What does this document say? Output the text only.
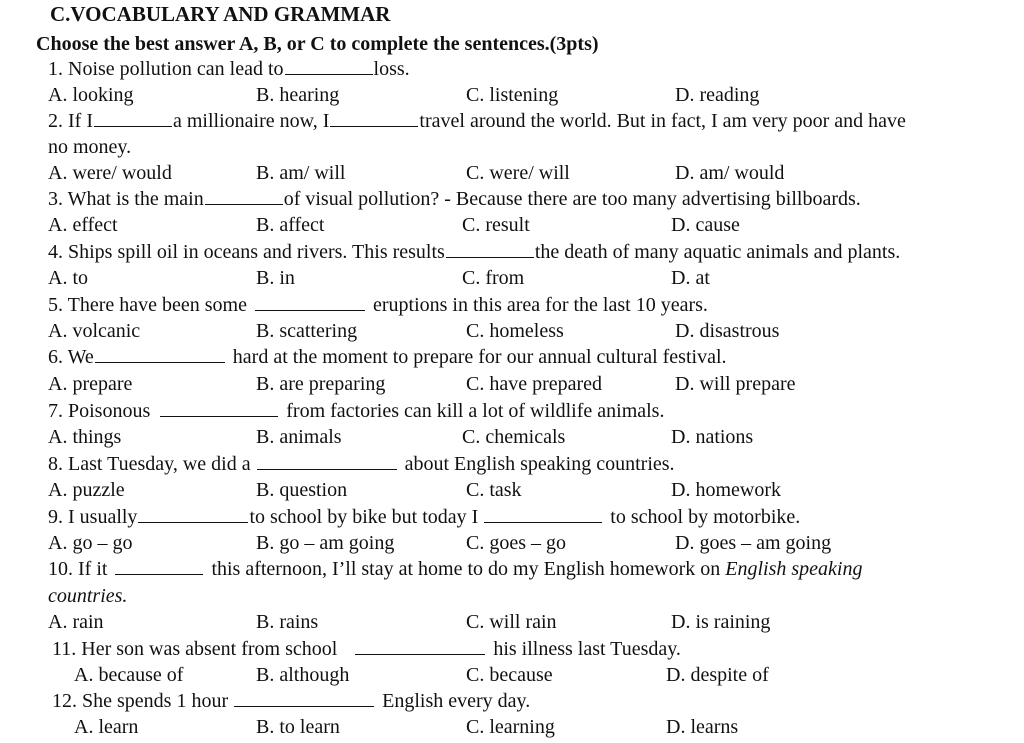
C.VOCABULARY AND GRAMMAR
Choose the best answer A, B, or C to complete the sentences.(3pts)
1. Noise pollution can lead to	loss.
A. looking	B. hearing	C. listening	D. reading
2. If I	a millionaire now, I	travel around the world. But in fact, I am very poor and have
no money.
A. were/ would	B. am/ will	C. were/ will	D. am/ would
3. What is the main	of visual pollution? - Because there are too many advertising billboards.
A. effect	B. affect	C. result	D. cause
4. Ships spill oil in oceans and rivers. This results	the death of many aquatic animals and plants.
A. to	B. in	C. from	D. at
5. There have been some	eruptions in this area for the last 10 years.
A. volcanic	B. scattering	C. homeless	D. disastrous
6. We	hard at the moment to prepare for our annual cultural festival.
A. prepare	B. are preparing	C. have prepared	D. will prepare
7. Poisonous	from factories can kill a lot of wildlife animals.
A. things	B. animals	C. chemicals	D. nations
8. Last Tuesday, we did a	about English speaking countries.
A. puzzle	B. question	C. task	D. homework
9. I usually	to school by bike but today I	to school by motorbike.
A. go – go	B. go – am going	C. goes – go	D. goes – am going
10. If it	this afternoon, I’ll stay at home to do my English homework on English speaking
countries.
A. rain	B. rains	C. will rain	D. is raining
11. Her son was absent from school	his illness last Tuesday.
A. because of	B. although	C. because	D. despite of
12. She spends 1 hour	English every day.
A. learn	B. to learn	C. learning	D. learns
